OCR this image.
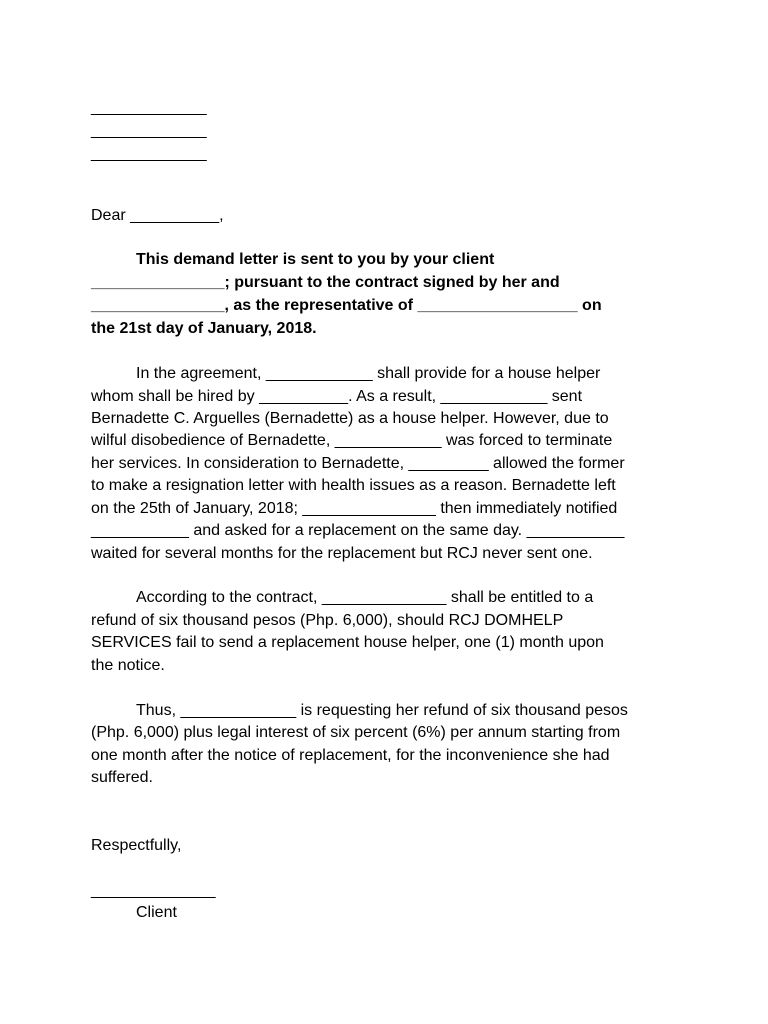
_____________
_____________
_____________
Dear __________,
This demand letter is sent to you by your client
_______________; pursuant to the contract signed by her and
_______________, as the representative of __________________ on
the 21st day of January, 2018.
In the agreement, ____________ shall provide for a house helper
whom shall be hired by __________. As a result, ____________ sent
Bernadette C. Arguelles (Bernadette) as a house helper. However, due to
wilful disobedience of Bernadette, ____________ was forced to terminate
her services. In consideration to Bernadette, _________ allowed the former
to make a resignation letter with health issues as a reason. Bernadette left
on the 25th of January, 2018; _______________ then immediately notified
___________ and asked for a replacement on the same day. ___________
waited for several months for the replacement but RCJ never sent one.
According to the contract, ______________ shall be entitled to a
refund of six thousand pesos (Php. 6,000), should RCJ DOMHELP
SERVICES fail to send a replacement house helper, one (1) month upon
the notice.
Thus, _____________ is requesting her refund of six thousand pesos
(Php. 6,000) plus legal interest of six percent (6%) per annum starting from
one month after the notice of replacement, for the inconvenience she had
suffered.
Respectfully,
______________
Client
